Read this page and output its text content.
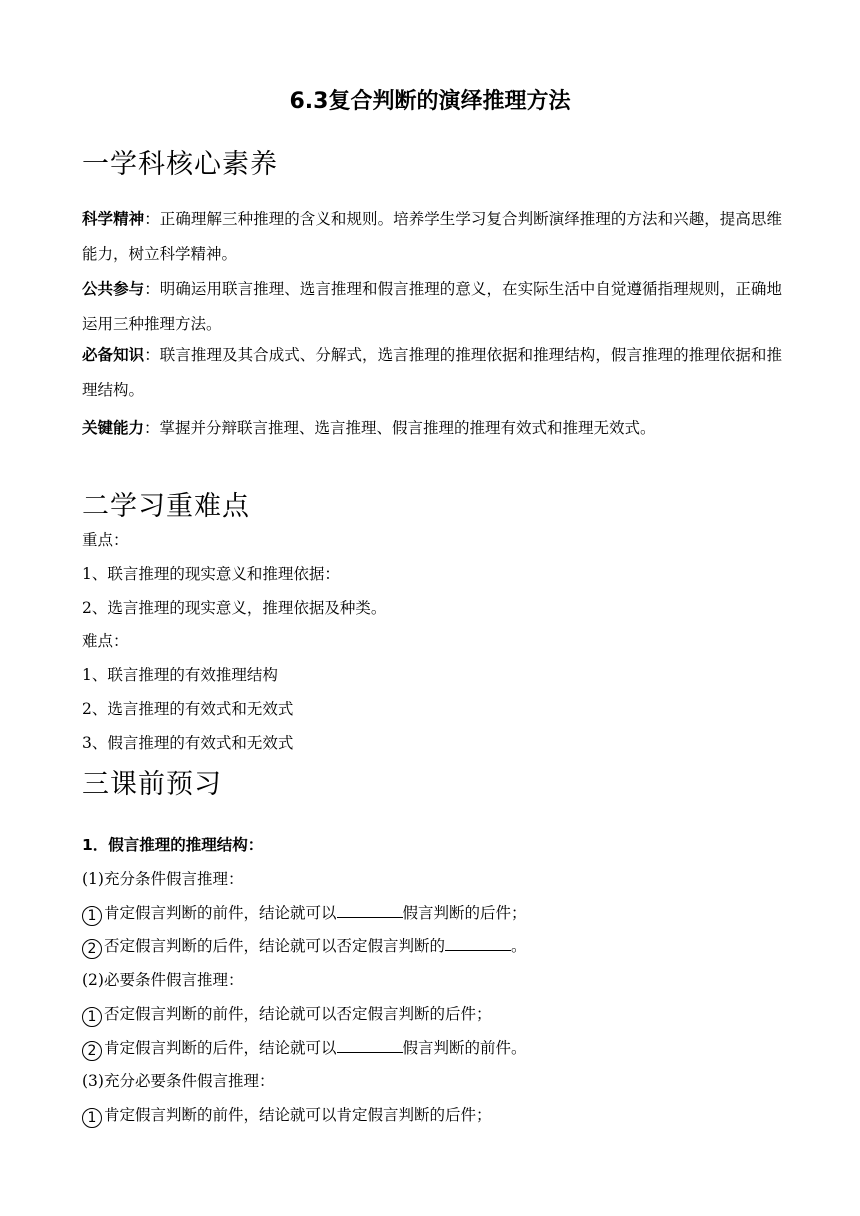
6.3复合判断的演绎推理方法
一学科核心素养
科学精神：正确理解三种推理的含义和规则。培养学生学习复合判断演绎推理的方法和兴趣，提高思维能力，树立科学精神。
公共参与：明确运用联言推理、选言推理和假言推理的意义，在实际生活中自觉遵循指理规则，正确地运用三种推理方法。
必备知识：联言推理及其合成式、分解式，选言推理的推理依据和推理结构，假言推理的推理依据和推理结构。
关键能力：掌握并分辩联言推理、选言推理、假言推理的推理有效式和推理无效式。
二学习重难点
重点：
1、联言推理的现实意义和推理依据：
2、选言推理的现实意义，推理依据及种类。
难点：
1、联言推理的有效推理结构
2、选言推理的有效式和无效式
3、假言推理的有效式和无效式
三课前预习
1．假言推理的推理结构：
(1)充分条件假言推理：
1 肯定假言判断的前件，结论就可以	假言判断的后件；
2 否定假言判断的后件，结论就可以否定假言判断的	。
(2)必要条件假言推理：
1 否定假言判断的前件，结论就可以否定假言判断的后件；
2 肯定假言判断的后件，结论就可以	假言判断的前件。
(3)充分必要条件假言推理：
1 肯定假言判断的前件，结论就可以肯定假言判断的后件；
